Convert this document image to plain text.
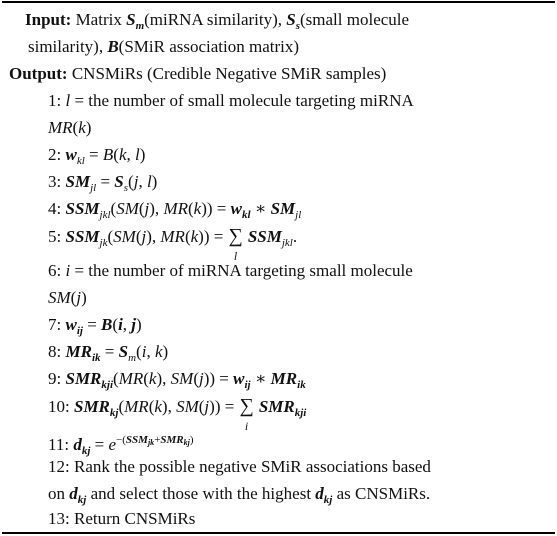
Input: Matrix $S_m(miRNA$ similarity), $S_s(small$ molecule
similarity), B(SMiR association matrix)
Output: CNSMiRs (Credible Negative SMiR samples)
1: l = the number of small molecule targeting miRNA
MR(k)
2: $w_{kl} = B(k$, l)
3: $SM_{jl} = S_s(j$, l)
4: $SSM_{jkl}(SM(j)$, $MR(k)) = w_{kl}$ ∗ $SM_{jl}$
5: $SSM_{jk}(SM(j)$, MR(k)) = ∑
l
$SSM_{jkl}$.
6: i = the number of miRNA targeting small molecule
SM(j)
7: $w_{ij} = B(i$, j)
8: $MR_{ik} = S_m(i$, k)
9: $SMR_{kji}(MR(k)$, $SM(j)) = w_{ij}$ ∗ $MR_{ik}$
10: $SMR_{kj}(MR(k)$, SM(j)) = ∑
i
$SMR_{kji}$
11: $d_{kj} = e^{-(SSM_{jk}+SMR_{kj})}$
12: Rank the possible negative SMiR associations based
on $d_{kj}$ and select those with the highest $d_{kj}$ as CNSMiRs.
13: Return CNSMiRs
